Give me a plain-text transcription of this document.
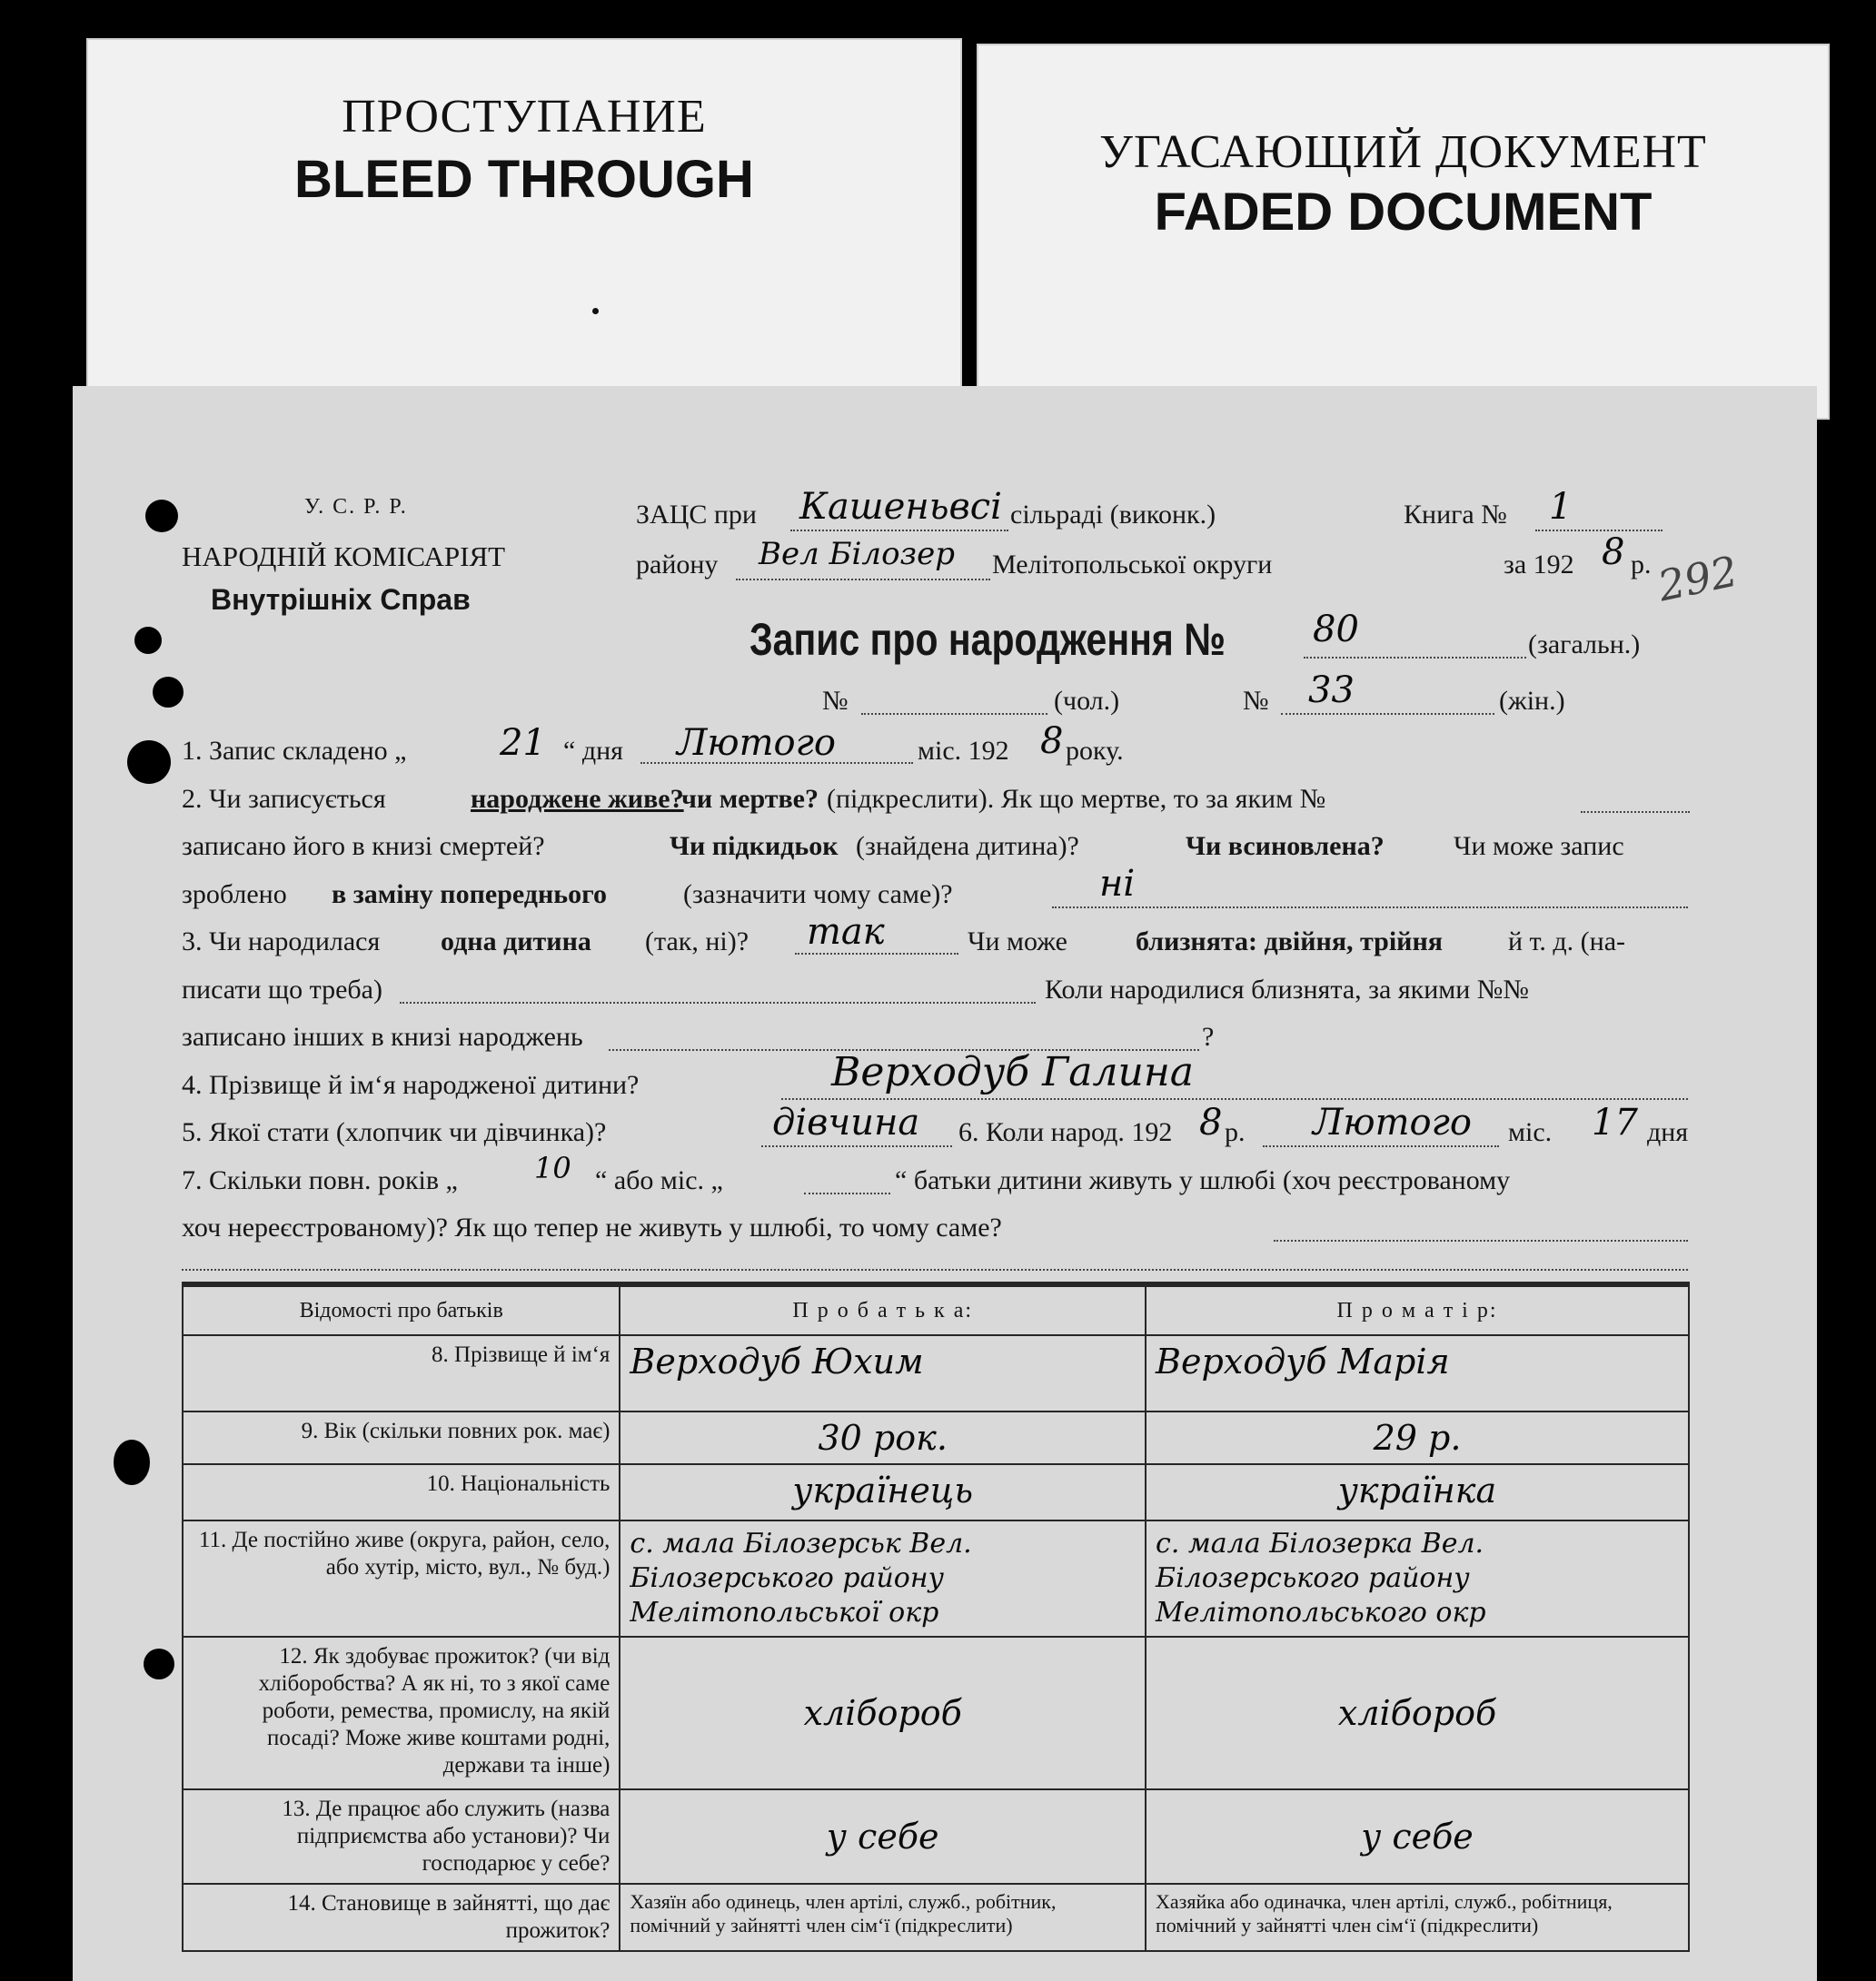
ПРОСТУПАНИЕ
BLEED THROUGH	УГАСАЮЩИЙ ДОКУМЕНТ
FADED DOCUMENT
У. С. Р. Р.
НАРОДНІЙ КОМІСАРІЯТ
Внутрішніх Справ
ЗАЦС при Кашеньвсі сільраді (виконк.)	Книга № 1
району Вел Білозер Мелітопольської округи	за 192 8 р. 292
Запис про народження № 80	(загальн.)
№	(чол.)	№ 33	(жін.)
1. Запис складено „	21 “ дня Лютого	міс. 192 8 року.
2. Чи записується	народжене живе?
чи мертве? (підкреслити). Як що мертве, то за яким №
записано його в книзі смертей?	Чи підкидьок (знайдена дитина)?	Чи всиновлена?	Чи може запис
зроблено в заміну попереднього	(зазначити чому саме)?	ні
3. Чи народилася одна дитина (так, ні)? так	Чи може	близнята: двійня, трійня й т. д. (на-
писати що треба)	Коли народилися близнята, за якими №№
записано інших в книзі народжень	?
4. Прізвище й ім‘я народженої дитини?	Верходуб Галина
5. Якої стати (хлопчик чи дівчинка)?	дівчина 6. Коли народ. 192 8 р. Лютого міс. 17 дня
7. Скільки повн. років „	10 “ або міс. „	“ батьки дитини живуть у шлюбі (хоч реєстрованому
хоч нереєстрованому)? Як що тепер не живуть у шлюбі, то чому саме?
Відомості про батьків	П р о б а т ь к а:	П р о м а т і р:
8. Прізвище й ім‘я	Верходуб Юхим	Верходуб Марія
9. Вік (скільки повних рок. має)	30 рок.	29 р.
10. Національність	українець	українка
11. Де постійно живе (округа, район, село, або хутір, місто, вул., № буд.)	с. мала Білозерськ Вел. Білозерського району Мелітопольської окр	с. мала Білозерка Вел. Білозерського району Мелітопольського окр
12. Як здобуває прожиток? (чи від хліборобства? А як ні, то з якої саме роботи, ремества, промислу, на якій посаді? Може живе коштами родні, держави та інше)	хлібороб	хлібороб
13. Де працює або служить (назва підприємства або установи)? Чи господарює у себе?	у себе	у себе
14. Становище в зайнятті, що дає прожиток?	Хазяїн або одинець, член артілі, служб., робітник, помічний у зайнятті член сім‘ї (підкреслити)	Хазяйка або одиначка, член артілі, служб., робітниця, помічний у зайнятті член сім‘ї (підкреслити)
